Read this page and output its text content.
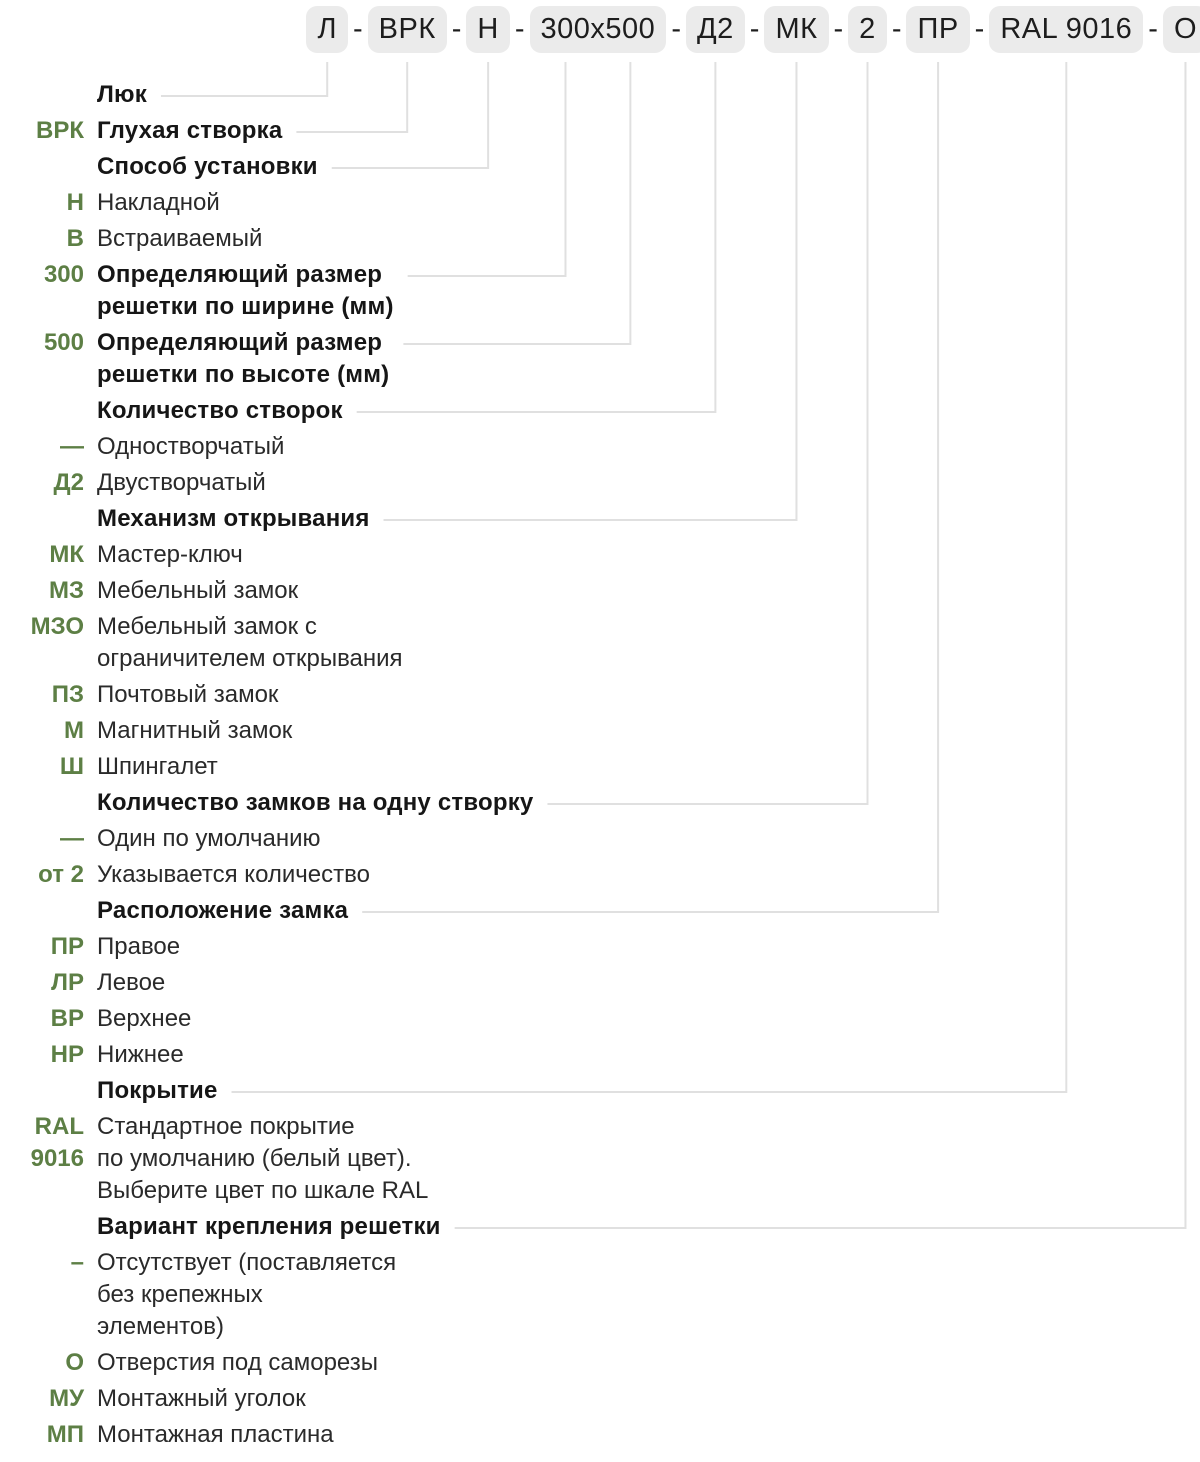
Л - ВРК - Н - 300х500 - Д2 - МК - 2 - ПР - RAL 9016 - О
Люк
ВРК Глухая створка
Способ установки
Н Накладной
В Встраиваемый
300 Определяющий размер
решетки по ширине (мм)
500 Определяющий размер
решетки по высоте (мм)
Количество створок
— Одностворчатый
Д2 Двустворчатый
Механизм открывания
МК Мастер-ключ
МЗ Мебельный замок
МЗО Мебельный замок с
ограничителем открывания
ПЗ Почтовый замок
М Магнитный замок
Ш Шпингалет
Количество замков на одну створку
— Один по умолчанию
от 2 Указывается количество
Расположение замка
ПР Правое
ЛР Левое
ВР Верхнее
НР Нижнее
Покрытие
RAL
9016
Стандартное покрытие
по умолчанию (белый цвет).
Выберите цвет по шкале RAL
Вариант крепления решетки
– Отсутствует (поставляется
без крепежных
элементов)
О Отверстия под саморезы
МУ Монтажный уголок
МП Монтажная пластина
